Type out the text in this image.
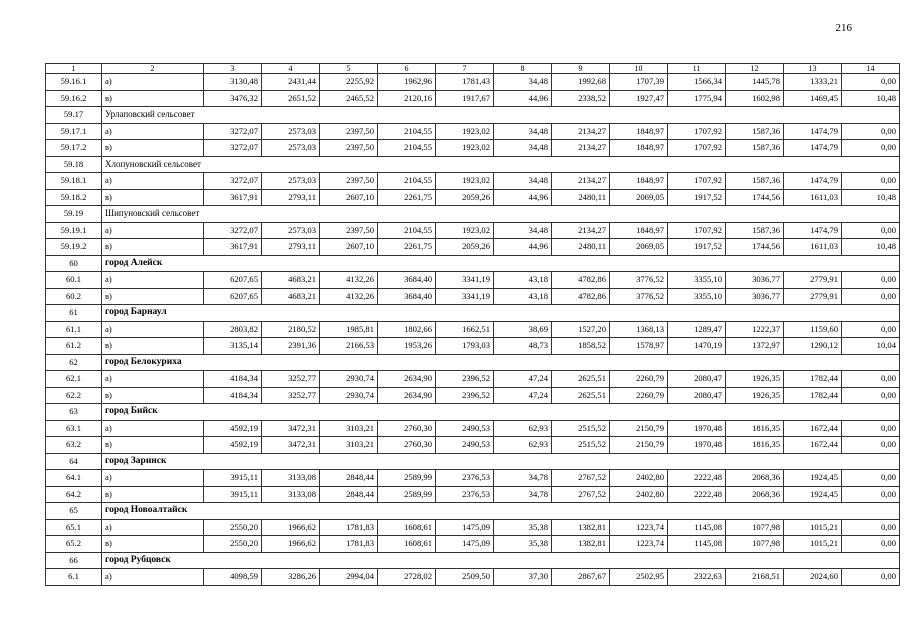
216
1	2	3	4	5	6	7	8	9	10	11	12	13	14
59.16.1	а)	3130,48	2431,44	2255,92	1962,96	1781,43	34,48	1992,68	1707,39	1566,34	1445,78	1333,21	0,00
59.16.2	в)	3476,32	2651,52	2465,52	2120,16	1917,67	44,96	2338,52	1927,47	1775,94	1602,98	1469,45	10,48
59.17	Урлаповский сельсовет												
59.17.1	а)	3272,07	2573,03	2397,50	2104,55	1923,02	34,48	2134,27	1848,97	1707,92	1587,36	1474,79	0,00
59.17.2	в)	3272,07	2573,03	2397,50	2104,55	1923,02	34,48	2134,27	1848,97	1707,92	1587,36	1474,79	0,00
59.18	Хлопуновский сельсовет												
59.18.1	а)	3272,07	2573,03	2397,50	2104,55	1923,02	34,48	2134,27	1848,97	1707,92	1587,36	1474,79	0,00
59.18.2	в)	3617,91	2793,11	2607,10	2261,75	2059,26	44,96	2480,11	2069,05	1917,52	1744,56	1611,03	10,48
59.19	Шипуновский сельсовет												
59.19.1	а)	3272,07	2573,03	2397,50	2104,55	1923,02	34,48	2134,27	1848,97	1707,92	1587,36	1474,79	0,00
59.19.2	в)	3617,91	2793,11	2607,10	2261,75	2059,26	44,96	2480,11	2069,05	1917,52	1744,56	1611,03	10,48
60	город Алейск												
60.1	а)	6207,65	4683,21	4132,26	3684,40	3341,19	43,18	4782,86	3776,52	3355,10	3036,77	2779,91	0,00
60.2	в)	6207,65	4683,21	4132,26	3684,40	3341,19	43,18	4782,86	3776,52	3355,10	3036,77	2779,91	0,00
61	город Барнаул												
61.1	а)	2803,82	2180,52	1985,81	1802,66	1662,51	38,69	1527,20	1368,13	1289,47	1222,37	1159,60	0,00
61.2	в)	3135,14	2391,36	2166,53	1953,26	1793,03	48,73	1858,52	1578,97	1470,19	1372,97	1290,12	10,04
62	город Белокуриха												
62.1	а)	4184,34	3252,77	2930,74	2634,90	2396,52	47,24	2625,51	2260,79	2080,47	1926,35	1782,44	0,00
62.2	в)	4184,34	3252,77	2930,74	2634,90	2396,52	47,24	2625,51	2260,79	2080,47	1926,35	1782,44	0,00
63	город Бийск												
63.1	а)	4592,19	3472,31	3103,21	2760,30	2490,53	62,93	2515,52	2150,79	1970,48	1816,35	1672,44	0,00
63.2	в)	4592,19	3472,31	3103,21	2760,30	2490,53	62,93	2515,52	2150,79	1970,48	1816,35	1672,44	0,00
64	город Заринск												
64.1	а)	3915,11	3133,08	2848,44	2589,99	2376,53	34,78	2767,52	2402,80	2222,48	2068,36	1924,45	0,00
64.2	в)	3915,11	3133,08	2848,44	2589,99	2376,53	34,78	2767,52	2402,80	2222,48	2068,36	1924,45	0,00
65	город Новоалтайск												
65.1	а)	2550,20	1966,62	1781,83	1608,61	1475,09	35,38	1382,81	1223,74	1145,08	1077,98	1015,21	0,00
65.2	в)	2550,20	1966,62	1781,83	1608,61	1475,09	35,38	1382,81	1223,74	1145,08	1077,98	1015,21	0,00
66	город Рубцовск												
6.1	а)	4098,59	3286,26	2994,04	2728,02	2509,50	37,30	2867,67	2502,95	2322,63	2168,51	2024,60	0,00
